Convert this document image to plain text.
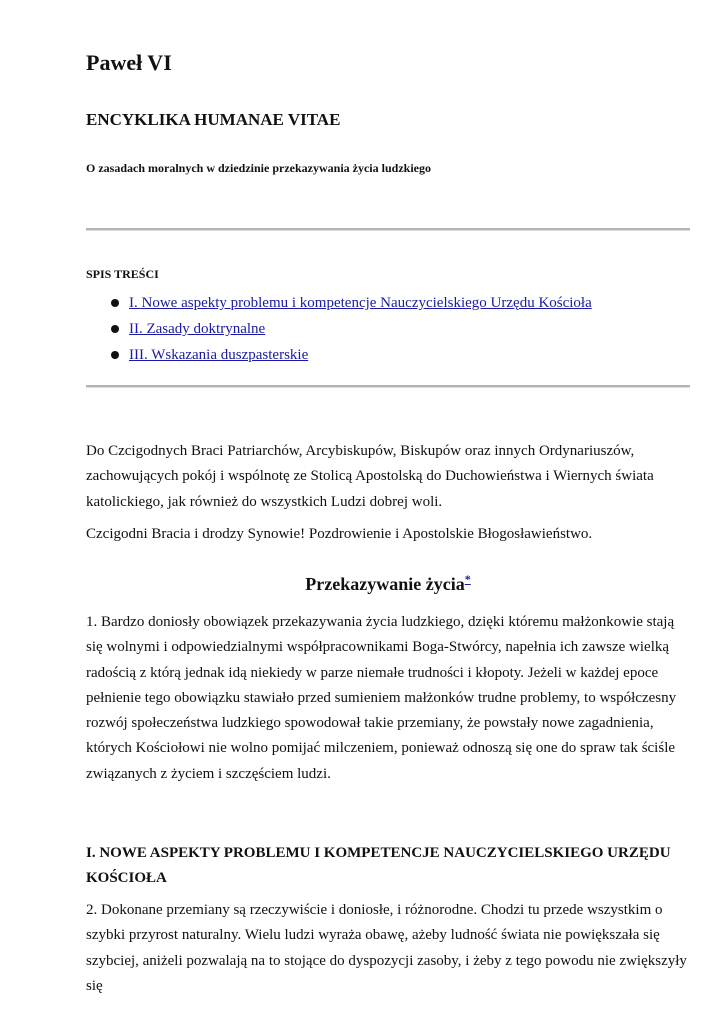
Paweł VI
ENCYKLIKA HUMANAE VITAE
O zasadach moralnych w dziedzinie przekazywania życia ludzkiego
SPIS TREŚCI
I. Nowe aspekty problemu i kompetencje Nauczycielskiego Urzędu Kościoła
II. Zasady doktrynalne
III. Wskazania duszpasterskie

Do Czcigodnych Braci Patriarchów, Arcybiskupów, Biskupów oraz innych Ordynariuszów, zachowujących pokój i wspólnotę ze Stolicą Apostolską do Duchowieństwa i Wiernych świata katolickiego, jak również do wszystkich Ludzi dobrej woli.

Czcigodni Bracia i drodzy Synowie! Pozdrowienie i Apostolskie Błogosławieństwo.

Przekazywanie życia*

1. Bardzo doniosły obowiązek przekazywania życia ludzkiego, dzięki któremu małżonkowie stają się wolnymi i odpowiedzialnymi współpracownikami Boga-Stwórcy, napełnia ich zawsze wielką radością z którą jednak idą niekiedy w parze niemałe trudności i kłopoty. Jeżeli w każdej epoce pełnienie tego obowiązku stawiało przed sumieniem małżonków trudne problemy, to współczesny rozwój społeczeństwa ludzkiego spowodował takie przemiany, że powstały nowe zagadnienia, których Kościołowi nie wolno pomijać milczeniem, ponieważ odnoszą się one do spraw tak ściśle związanych z życiem i szczęściem ludzi.

I. NOWE ASPEKTY PROBLEMU I KOMPETENCJE NAUCZYCIELSKIEGO URZĘDU KOŚCIOŁA

2. Dokonane przemiany są rzeczywiście i doniosłe, i różnorodne. Chodzi tu przede wszystkim o szybki przyrost naturalny. Wielu ludzi wyraża obawę, ażeby ludność świata nie powiększała się szybciej, aniżeli pozwalają na to stojące do dyspozycji zasoby, i żeby z tego powodu nie zwiększyły się
